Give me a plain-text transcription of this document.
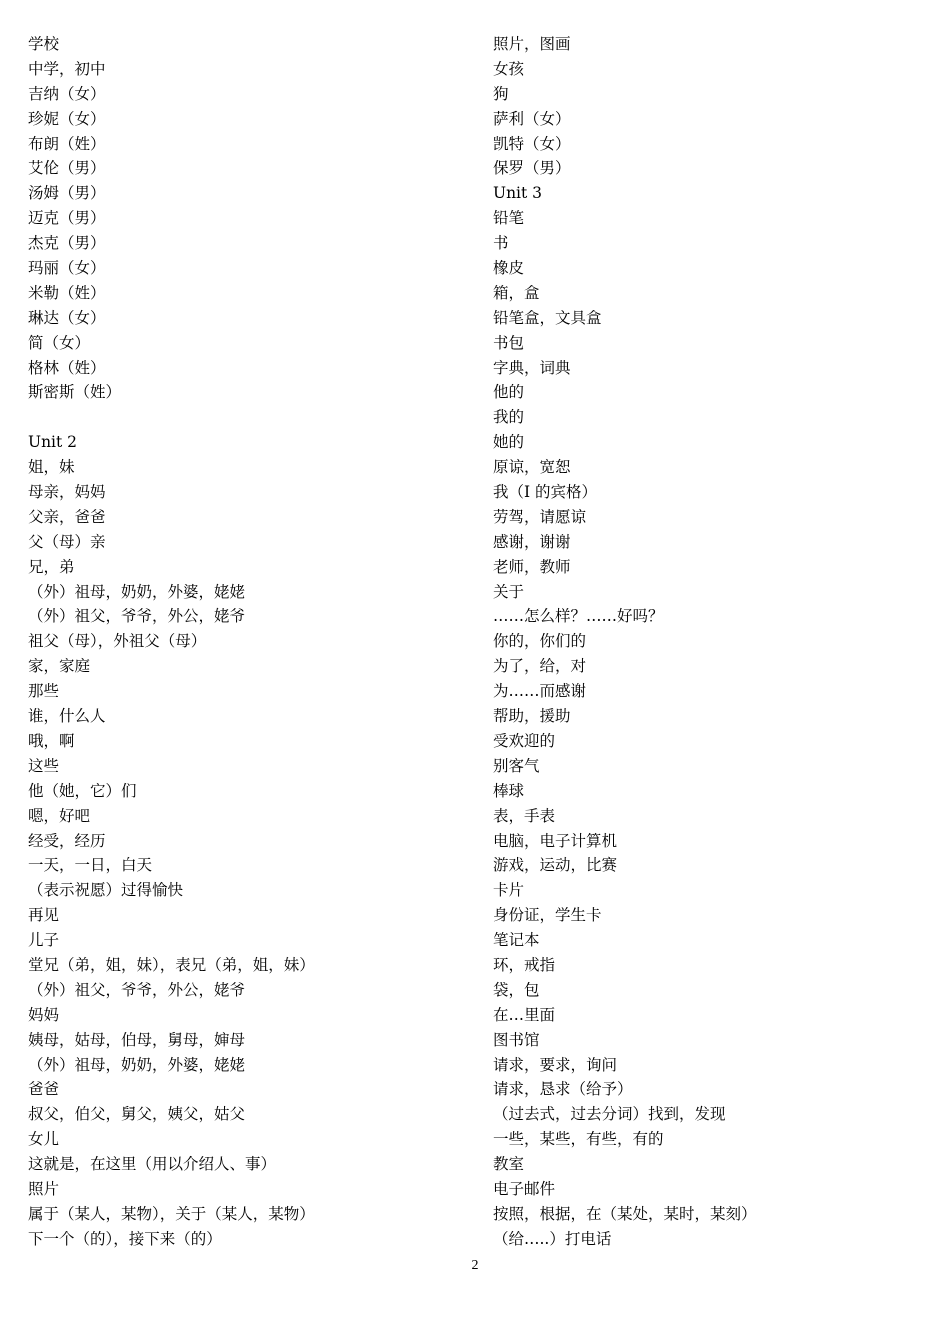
学校
中学，初中
吉纳（女）
珍妮（女）
布朗（姓）
艾伦（男）
汤姆（男）
迈克（男）
杰克（男）
玛丽（女）
米勒（姓）
琳达（女）
简（女）
格林（姓）
斯密斯（姓）
Unit 2
姐，妹
母亲，妈妈
父亲，爸爸
父（母）亲
兄，弟
（外）祖母，奶奶，外婆，姥姥
（外）祖父，爷爷，外公，姥爷
祖父（母），外祖父（母）
家，家庭
那些
谁，什么人
哦，啊
这些
他（她，它）们
嗯，好吧
经受，经历
一天，一日，白天
（表示祝愿）过得愉快
再见
儿子
堂兄（弟，姐，妹），表兄（弟，姐，妹）
（外）祖父，爷爷，外公，姥爷
妈妈
姨母，姑母，伯母，舅母，婶母
（外）祖母，奶奶，外婆，姥姥
爸爸
叔父，伯父，舅父，姨父，姑父
女儿
这就是，在这里（用以介绍人、事）
照片
属于（某人，某物），关于（某人，某物）
下一个（的），接下来（的）
照片，图画
女孩
狗
萨利（女）
凯特（女）
保罗（男）
Unit 3
铅笔
书
橡皮
箱，盒
铅笔盒，文具盒
书包
字典，词典
他的
我的
她的
原谅，宽恕
我（I 的宾格）
劳驾，请愿谅
感谢，谢谢
老师，教师
关于
……怎么样？……好吗？
你的，你们的
为了，给，对
为……而感谢
帮助，援助
受欢迎的
别客气
棒球
表，手表
电脑，电子计算机
游戏，运动，比赛
卡片
身份证，学生卡
笔记本
环，戒指
袋，包
在…里面
图书馆
请求，要求，询问
请求，恳求（给予）
（过去式，过去分词）找到，发现
一些，某些，有些，有的
教室
电子邮件
按照，根据，在（某处，某时，某刻）
（给…..）打电话
2
